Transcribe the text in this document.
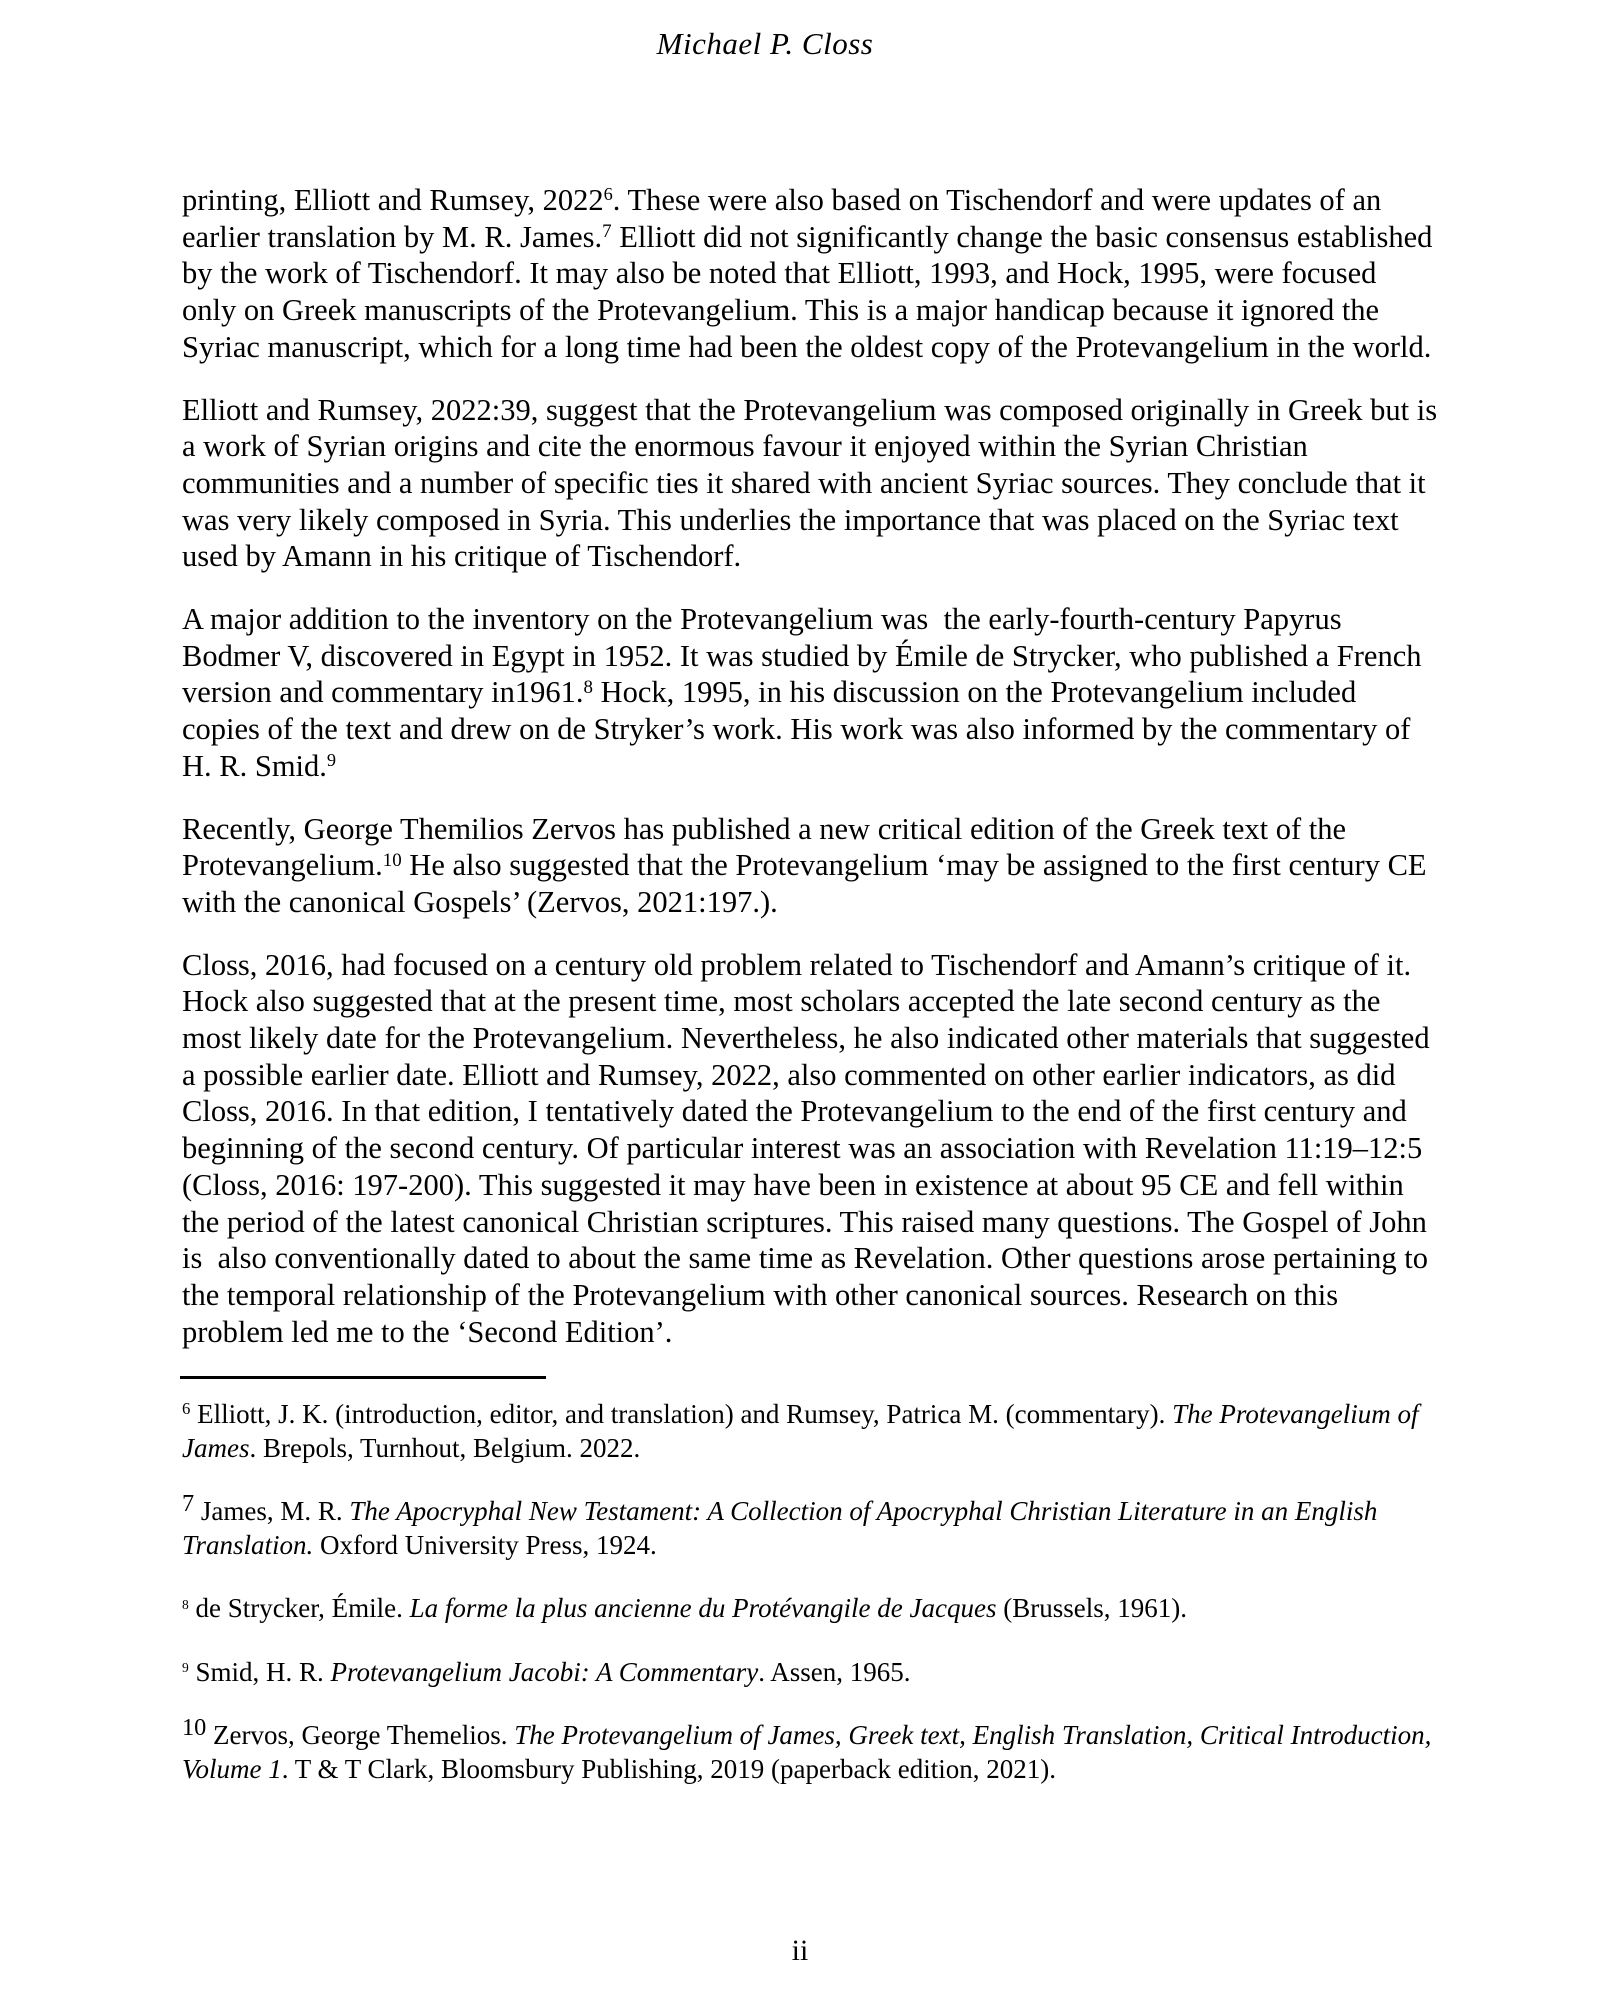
Michael P. Closs

printing, Elliott and Rumsey, 2022$^6$. These were also based on Tischendorf and were updates of an earlier translation by M. R. James.$^7$ Elliott did not significantly change the basic consensus established by the work of Tischendorf. It may also be noted that Elliott, 1993, and Hock, 1995, were focused only on Greek manuscripts of the Protevangelium. This is a major handicap because it ignored the Syriac manuscript, which for a long time had been the oldest copy of the Protevangelium in the world.

Elliott and Rumsey, 2022:39, suggest that the Protevangelium was composed originally in Greek but is a work of Syrian origins and cite the enormous favour it enjoyed within the Syrian Christian communities and a number of specific ties it shared with ancient Syriac sources. They conclude that it was very likely composed in Syria. This underlies the importance that was placed on the Syriac text used by Amann in his critique of Tischendorf.

A major addition to the inventory on the Protevangelium was  the early-fourth-century Papyrus Bodmer V, discovered in Egypt in 1952. It was studied by Émile de Strycker, who published a French version and commentary in1961.$^8$ Hock, 1995, in his discussion on the Protevangelium included copies of the text and drew on de Stryker’s work. His work was also informed by the commentary of  H. R. Smid.$^9$

Recently, George Themilios Zervos has published a new critical edition of the Greek text of the Protevangelium.$^{10}$ He also suggested that the Protevangelium ‘may be assigned to the first century CE with the canonical Gospels’ (Zervos, 2021:197.).

Closs, 2016, had focused on a century old problem related to Tischendorf and Amann’s critique of it. Hock also suggested that at the present time, most scholars accepted the late second century as the most likely date for the Protevangelium. Nevertheless, he also indicated other materials that suggested a possible earlier date. Elliott and Rumsey, 2022, also commented on other earlier indicators, as did Closs, 2016. In that edition, I tentatively dated the Protevangelium to the end of the first century and beginning of the second century. Of particular interest was an association with Revelation 11:19–12:5 (Closs, 2016: 197-200). This suggested it may have been in existence at about 95 CE and fell within the period of the latest canonical Christian scriptures. This raised many questions. The Gospel of John is  also conventionally dated to about the same time as Revelation. Other questions arose pertaining to the temporal relationship of the Protevangelium with other canonical sources. Research on this problem led me to the ‘Second Edition’.

$^6$ Elliott, J. K. (introduction, editor, and translation) and Rumsey, Patrica M. (commentary). The Protevangelium of James. Brepols, Turnhout, Belgium. 2022.

$^7$ James, M. R. The Apocryphal New Testament: A Collection of Apocryphal Christian Literature in an English Translation. Oxford University Press, 1924.

$^8$ de Strycker, Émile. La forme la plus ancienne du Protévangile de Jacques (Brussels, 1961).

$^9$ Smid, H. R. Protevangelium Jacobi: A Commentary. Assen, 1965.

$^{10}$ Zervos, George Themelios. The Protevangelium of James, Greek text, English Translation, Critical Introduction, Volume 1. T & T Clark, Bloomsbury Publishing, 2019 (paperback edition, 2021).

ii
